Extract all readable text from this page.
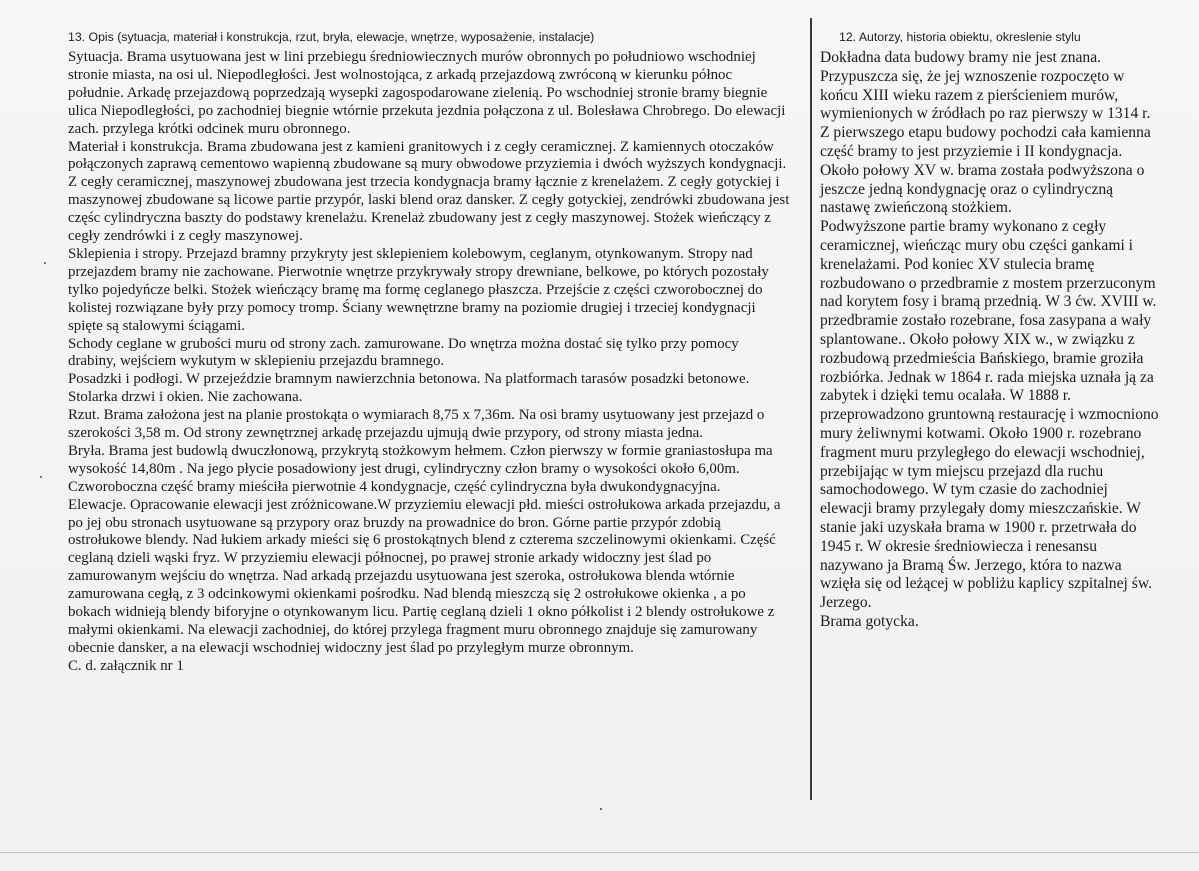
13. Opis (sytuacja, materiał i konstrukcja, rzut, bryła, elewacje, wnętrze, wyposażenie, instalacje)

Sytuacja. Brama usytuowana jest w lini przebiegu średniowiecznych murów obronnych po południowo wschodniej stronie miasta, na osi ul. Niepodległości. Jest wolnostojąca, z arkadą przejazdową zwróconą w kierunku północ południe. Arkadę przejazdową poprzedzają wysepki zagospodarowane zielenią. Po wschodniej stronie bramy biegnie ulica Niepodległości, po zachodniej biegnie wtórnie przekuta jezdnia połączona z ul. Bolesława Chrobrego. Do elewacji zach. przylega krótki odcinek muru obronnego.

Materiał i konstrukcja. Brama zbudowana jest z kamieni granitowych i z cegły ceramicznej. Z kamiennych otoczaków połączonych zaprawą cementowo wapienną zbudowane są mury obwodowe przyziemia i dwóch wyższych kondygnacji. Z cegły ceramicznej, maszynowej zbudowana jest trzecia kondygnacja bramy łącznie z krenelażem. Z cegły gotyckiej i maszynowej zbudowane są licowe partie przypór, laski blend oraz dansker. Z cegły gotyckiej, zendrówki zbudowana jest częśc cylindryczna baszty do podstawy krenelażu. Krenelaż zbudowany jest z cegły maszynowej. Stożek wieńczący z cegły zendrówki i z cegły maszynowej.

Sklepienia i stropy. Przejazd bramny przykryty jest sklepieniem kolebowym, ceglanym, otynkowanym. Stropy nad przejazdem bramy nie zachowane. Pierwotnie wnętrze przykrywały stropy drewniane, belkowe, po których pozostały tylko pojedyńcze belki. Stożek wieńczący bramę ma formę ceglanego płaszcza. Przejście z części czworobocznej do kolistej rozwiązane były przy pomocy tromp. Ściany wewnętrzne bramy na poziomie drugiej i trzeciej kondygnacji spięte są stalowymi ściągami.

Schody ceglane w grubości muru od strony zach. zamurowane. Do wnętrza można dostać się tylko przy pomocy drabiny, wejściem wykutym w sklepieniu przejazdu bramnego.

Posadzki i podłogi. W przejeździe bramnym nawierzchnia betonowa. Na platformach tarasów posadzki betonowe.

Stolarka drzwi i okien. Nie zachowana.

Rzut. Brama założona jest na planie prostokąta o wymiarach 8,75 x 7,36m. Na osi bramy usytuowany jest przejazd o szerokości 3,58 m. Od strony zewnętrznej arkadę przejazdu ujmują dwie przypory, od strony miasta jedna.

Bryła. Brama jest budowlą dwuczłonową, przykrytą stożkowym hełmem. Człon pierwszy w formie graniastosłupa ma wysokość 14,80m . Na jego płycie posadowiony jest drugi, cylindryczny człon bramy o wysokości około 6,00m. Czworoboczna część bramy mieściła pierwotnie 4 kondygnacje, część cylindryczna była dwukondygnacyjna.

Elewacje. Opracowanie elewacji jest zróżnicowane.W przyziemiu elewacji płd. mieści ostrołukowa arkada przejazdu, a po jej obu stronach usytuowane są przypory oraz bruzdy na prowadnice do bron. Górne partie przypór zdobią ostrołukowe blendy. Nad łukiem arkady mieści się 6 prostokątnych blend z czterema szczelinowymi okienkami. Część ceglaną dzieli wąski fryz. W przyziemiu elewacji północnej, po prawej stronie arkady widoczny jest ślad po zamurowanym wejściu do wnętrza. Nad arkadą przejazdu usytuowana jest szeroka, ostrołukowa blenda wtórnie zamurowana cegłą, z 3 odcinkowymi okienkami pośrodku. Nad blendą mieszczą się 2 ostrołukowe okienka , a po bokach widnieją blendy biforyjne o otynkowanym licu. Partię ceglaną dzieli 1 okno półkolist i 2 blendy ostrołukowe z małymi okienkami. Na elewacji zachodniej, do której przylega fragment muru obronnego znajduje się zamurowany obecnie dansker, a na elewacji wschodniej widoczny jest ślad po przyległym murze obronnym.

C. d. załącznik nr 1

12. Autorzy, historia obiektu, okreslenie stylu

Dokładna data budowy bramy nie jest znana. Przypuszcza się, że jej wznoszenie rozpoczęto w końcu XIII wieku razem z pierścieniem murów, wymienionych w źródłach po raz pierwszy w 1314 r. Z pierwszego etapu budowy pochodzi cała kamienna część bramy to jest przyziemie i II kondygnacja. Około połowy XV w. brama została podwyższona o jeszcze jedną kondygnację oraz o cylindryczną nastawę zwieńczoną stożkiem.

Podwyższone partie bramy wykonano z cegły ceramicznej, wieńcząc mury obu części gankami i krenelażami. Pod koniec XV stulecia bramę rozbudowano o przedbramie z mostem przerzuconym nad korytem fosy i bramą przednią. W 3 ćw. XVIII w. przedbramie zostało rozebrane, fosa zasypana a wały splantowane.. Około połowy XIX w., w związku z rozbudową przedmieścia Bańskiego, bramie groziła rozbiórka. Jednak w 1864 r. rada miejska uznała ją za zabytek i dzięki temu ocalała. W 1888 r. przeprowadzono gruntowną restaurację i wzmocniono mury żeliwnymi kotwami. Około 1900 r. rozebrano fragment muru przyległego do elewacji wschodniej, przebijając w tym miejscu przejazd dla ruchu samochodowego. W tym czasie do zachodniej elewacji bramy przylegały domy mieszczańskie. W stanie jaki uzyskała brama w 1900 r. przetrwała do 1945 r. W okresie średniowiecza i renesansu nazywano ja Bramą Św. Jerzego, która to nazwa wzięła się od leżącej w pobliżu kaplicy szpitalnej św. Jerzego.

Brama gotycka.
